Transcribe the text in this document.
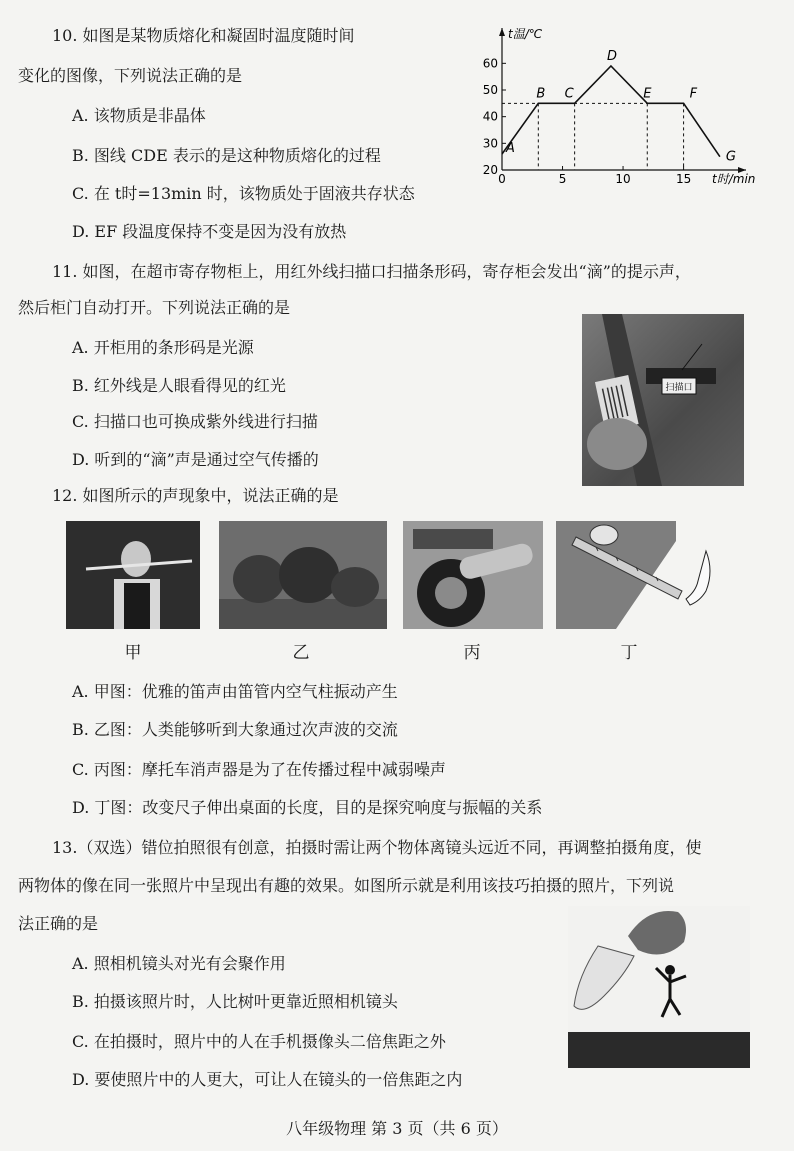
10. 如图是某物质熔化和凝固时温度随时间
变化的图像，下列说法正确的是
A. 该物质是非晶体
B. 图线 CDE 表示的是这种物质熔化的过程
C. 在 t时=13min 时，该物质处于固液共存状态
D. EF 段温度保持不变是因为没有放热
0	5	10	15
20
30
40
50
60
t温/℃
t时/min
A
B C
D
E	F
G
11. 如图，在超市寄存物柜上，用红外线扫描口扫描条形码，寄存柜会发出“滴”的提示声，
然后柜门自动打开。下列说法正确的是
A. 开柜用的条形码是光源
B. 红外线是人眼看得见的红光
C. 扫描口也可换成紫外线进行扫描
D. 听到的“滴”声是通过空气传播的
扫描口
12. 如图所示的声现象中，说法正确的是
甲	乙	丙	丁
A. 甲图：优雅的笛声由笛管内空气柱振动产生
B. 乙图：人类能够听到大象通过次声波的交流
C. 丙图：摩托车消声器是为了在传播过程中减弱噪声
D. 丁图：改变尺子伸出桌面的长度，目的是探究响度与振幅的关系
13.（双选）错位拍照很有创意，拍摄时需让两个物体离镜头远近不同，再调整拍摄角度，使
两物体的像在同一张照片中呈现出有趣的效果。如图所示就是利用该技巧拍摄的照片，下列说
法正确的是
A. 照相机镜头对光有会聚作用
B. 拍摄该照片时，人比树叶更靠近照相机镜头
C. 在拍摄时，照片中的人在手机摄像头二倍焦距之外
D. 要使照片中的人更大，可让人在镜头的一倍焦距之内
八年级物理 第 3 页（共 6 页）
